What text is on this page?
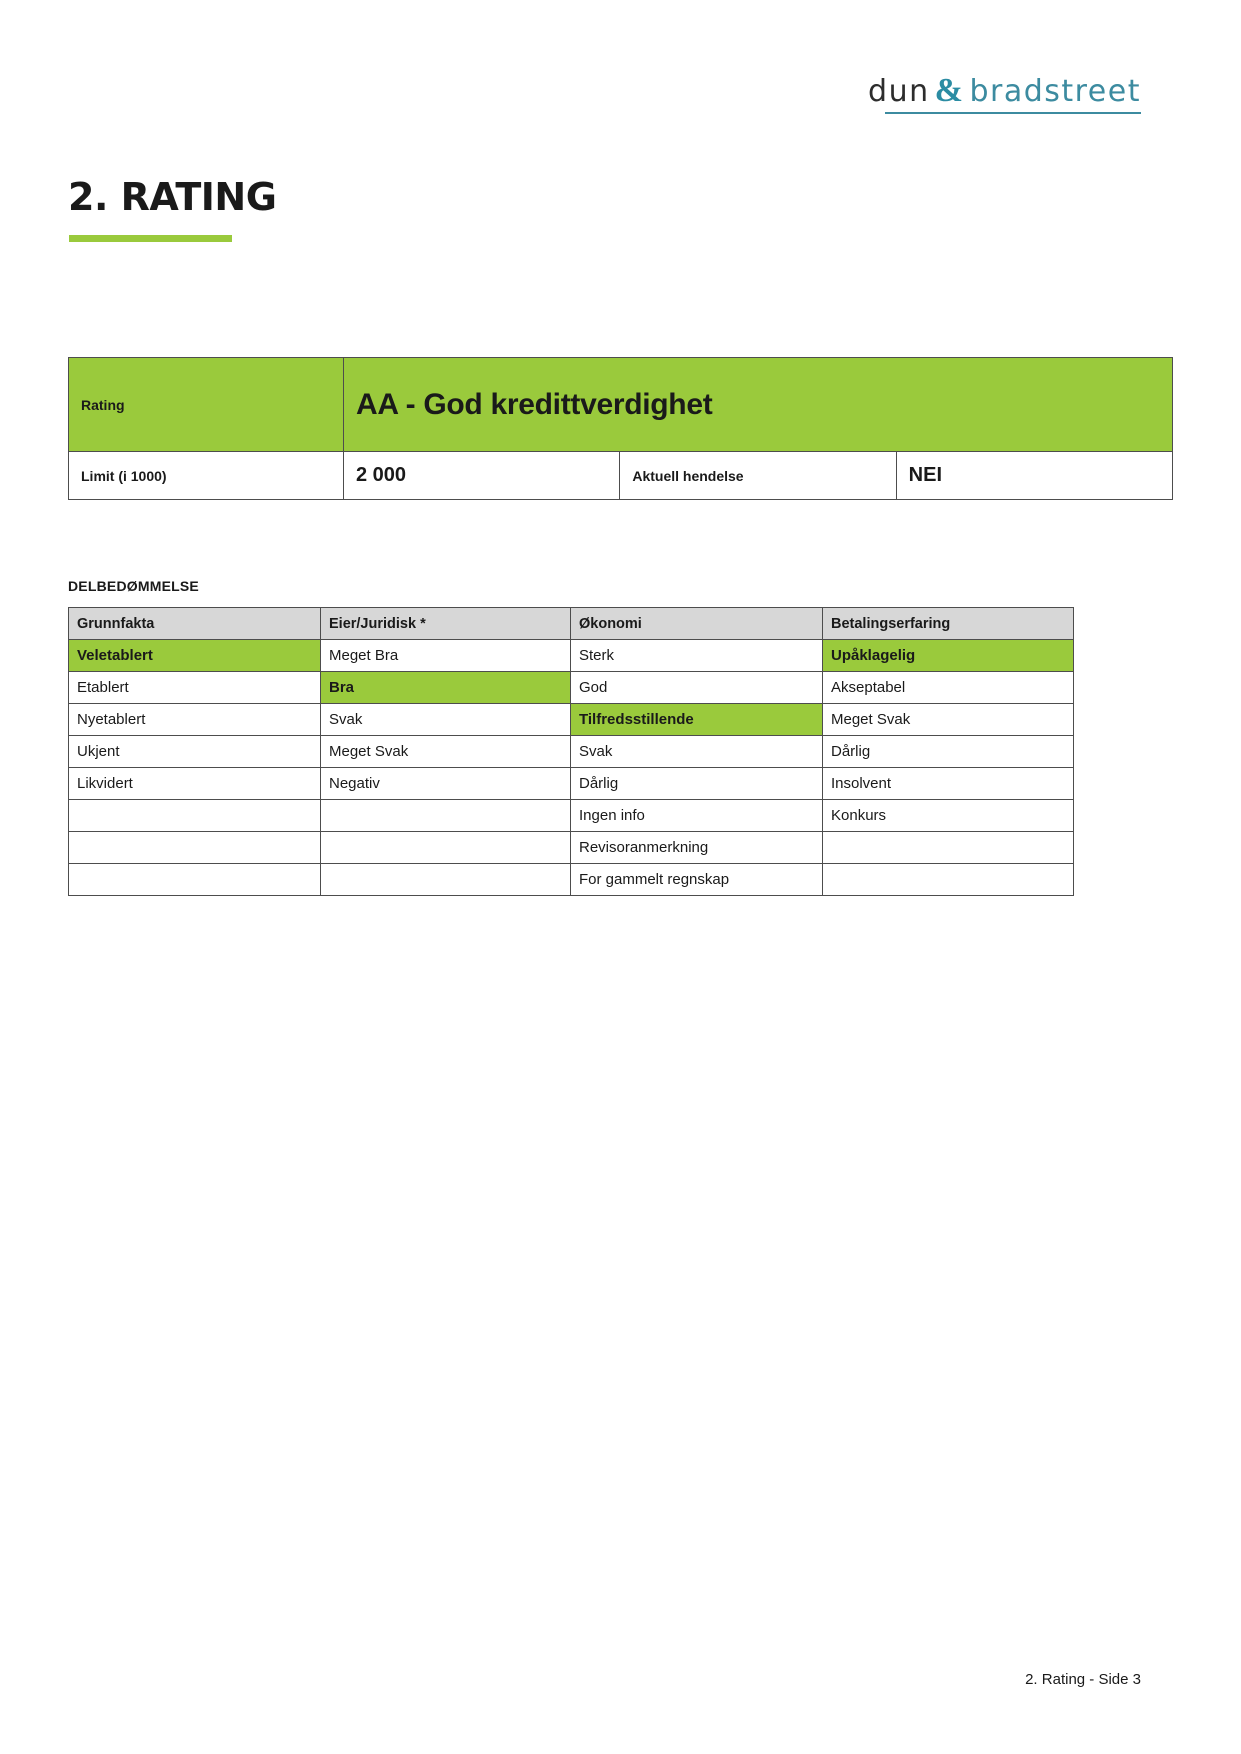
dun & bradstreet
2. RATING
Rating	AA - God kredittverdighet		
Limit (i 1000)	2 000	Aktuell hendelse	NEI
DELBEDØMMELSE
Grunnfakta	Eier/Juridisk *	Økonomi	Betalingserfaring
Veletablert	Meget Bra	Sterk	Upåklagelig
Etablert	Bra	God	Akseptabel
Nyetablert	Svak	Tilfredsstillende	Meget Svak
Ukjent	Meget Svak	Svak	Dårlig
Likvidert	Negativ	Dårlig	Insolvent
		Ingen info	Konkurs
		Revisoranmerkning	
		For gammelt regnskap	
2. Rating - Side 3
